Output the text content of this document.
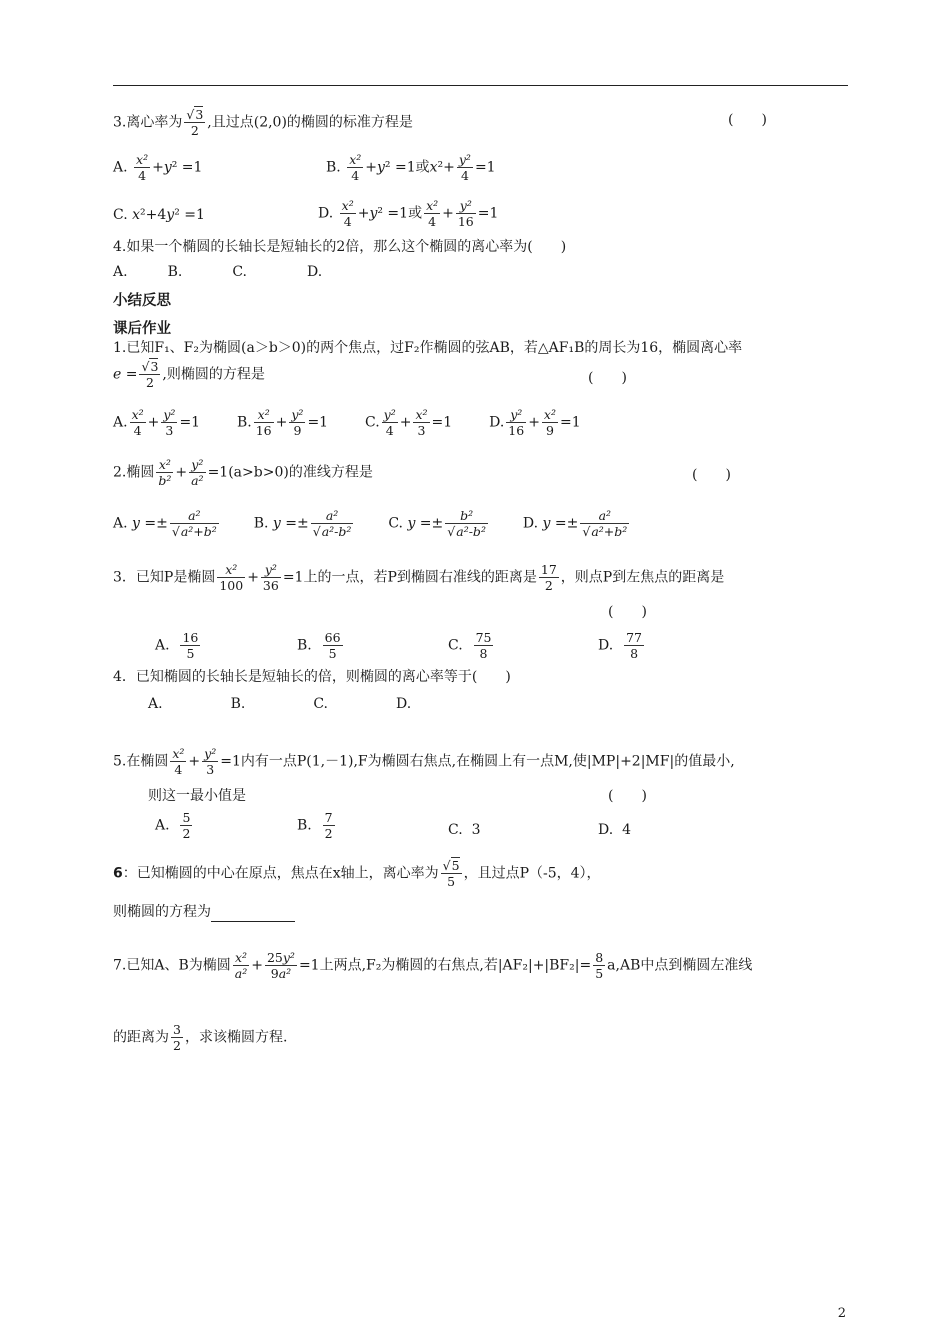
3.离心率为 $\frac{√3}{2}$ ,且过点(2,0)的椭圆的标准方程是	(　　)
A. $\frac{\text{x²}}{4} +y^2 =1$	B. $\frac{\text{x²}}{4} +y^2 =1$或$x^2+ \frac{\text{y²}}{4} =1$
C. x²+4y² =1	D. $\frac{\text{x²}}{4} +y^2 =1$或 $\frac{\text{x²}}{4} + \frac{\text{y²}}{16} =1$
4.如果一个椭圆的长轴长是短轴长的2倍，那么这个椭圆的离心率为(　　)
A.	B.	C.	D.
小结反思
课后作业
1.已知F₁、F₂为椭圆(a＞b＞0)的两个焦点，过F₂作椭圆的弦AB，若△AF₁B的周长为16，椭圆离心率
$e = \frac{√3}{2}$ ,则椭圆的方程是	(　　)
A. $\frac{\text{x²}}{4} + \frac{\text{y²}}{3} =1$  B. $\frac{\text{x²}}{16} + \frac{\text{y²}}{9} =1$  C. $\frac{\text{y²}}{4} + \frac{\text{x²}}{3} =1$  D. $\frac{\text{y²}}{16} + \frac{\text{x²}}{9} =1$
2.椭圆 $\frac{\text{x²}}{\text{b²}} + \frac{\text{y²}}{\text{a²}} =1(a>b>0)$的准线方程是	(　　)
A. $y =\pm \frac{\text{a²}}{\text{√a²+b²}} B$. $y =\pm \frac{\text{a²}}{\text{√a²-b²}} C$. $y =\pm \frac{\text{b²}}{\text{√a²-b²}} D$. $y =\pm \frac{\text{a²}}{\text{√a²+b²}}$
3．已知P是椭圆 $\frac{\text{x²}}{100} + \frac{\text{y²}}{36} =1$上的一点，若P到椭圆右准线的距离是 $\frac{17}{2}$ ，则点P到左焦点的距离是
(　　)
A. $\frac{16}{5}$	B. $\frac{66}{5}$	C. $\frac{75}{8}$	D. $\frac{77}{8}$
4．已知椭圆的长轴长是短轴长的倍，则椭圆的离心率等于(　　)
A.	B.	C.	D.
5.在椭圆 $\frac{\text{x²}}{4} + \frac{\text{y²}}{3} =1$内有一点P(1,－1),F为椭圆右焦点,在椭圆上有一点M,使|MP|+2|MF|的值最小,
则这一最小值是	(　　)
A. $\frac{5}{2}$	B. $\frac{7}{2}$	C. 3	D. 4
6：已知椭圆的中心在原点，焦点在x轴上，离心率为 $\frac{√5}{5}$ ，且过点P（-5，4），
则椭圆的方程为
7.已知A、B为椭圆 $\frac{\text{x²}}{\text{a²}} + \frac{\text{25y²}}{\text{9a²}} =1$上两点,F₂为椭圆的右焦点,若$|AF_2|+|BF_2|= \frac{8}{5} a,AB$中点到椭圆左准线
的距离为 $\frac{3}{2}$ ，求该椭圆方程.
2
